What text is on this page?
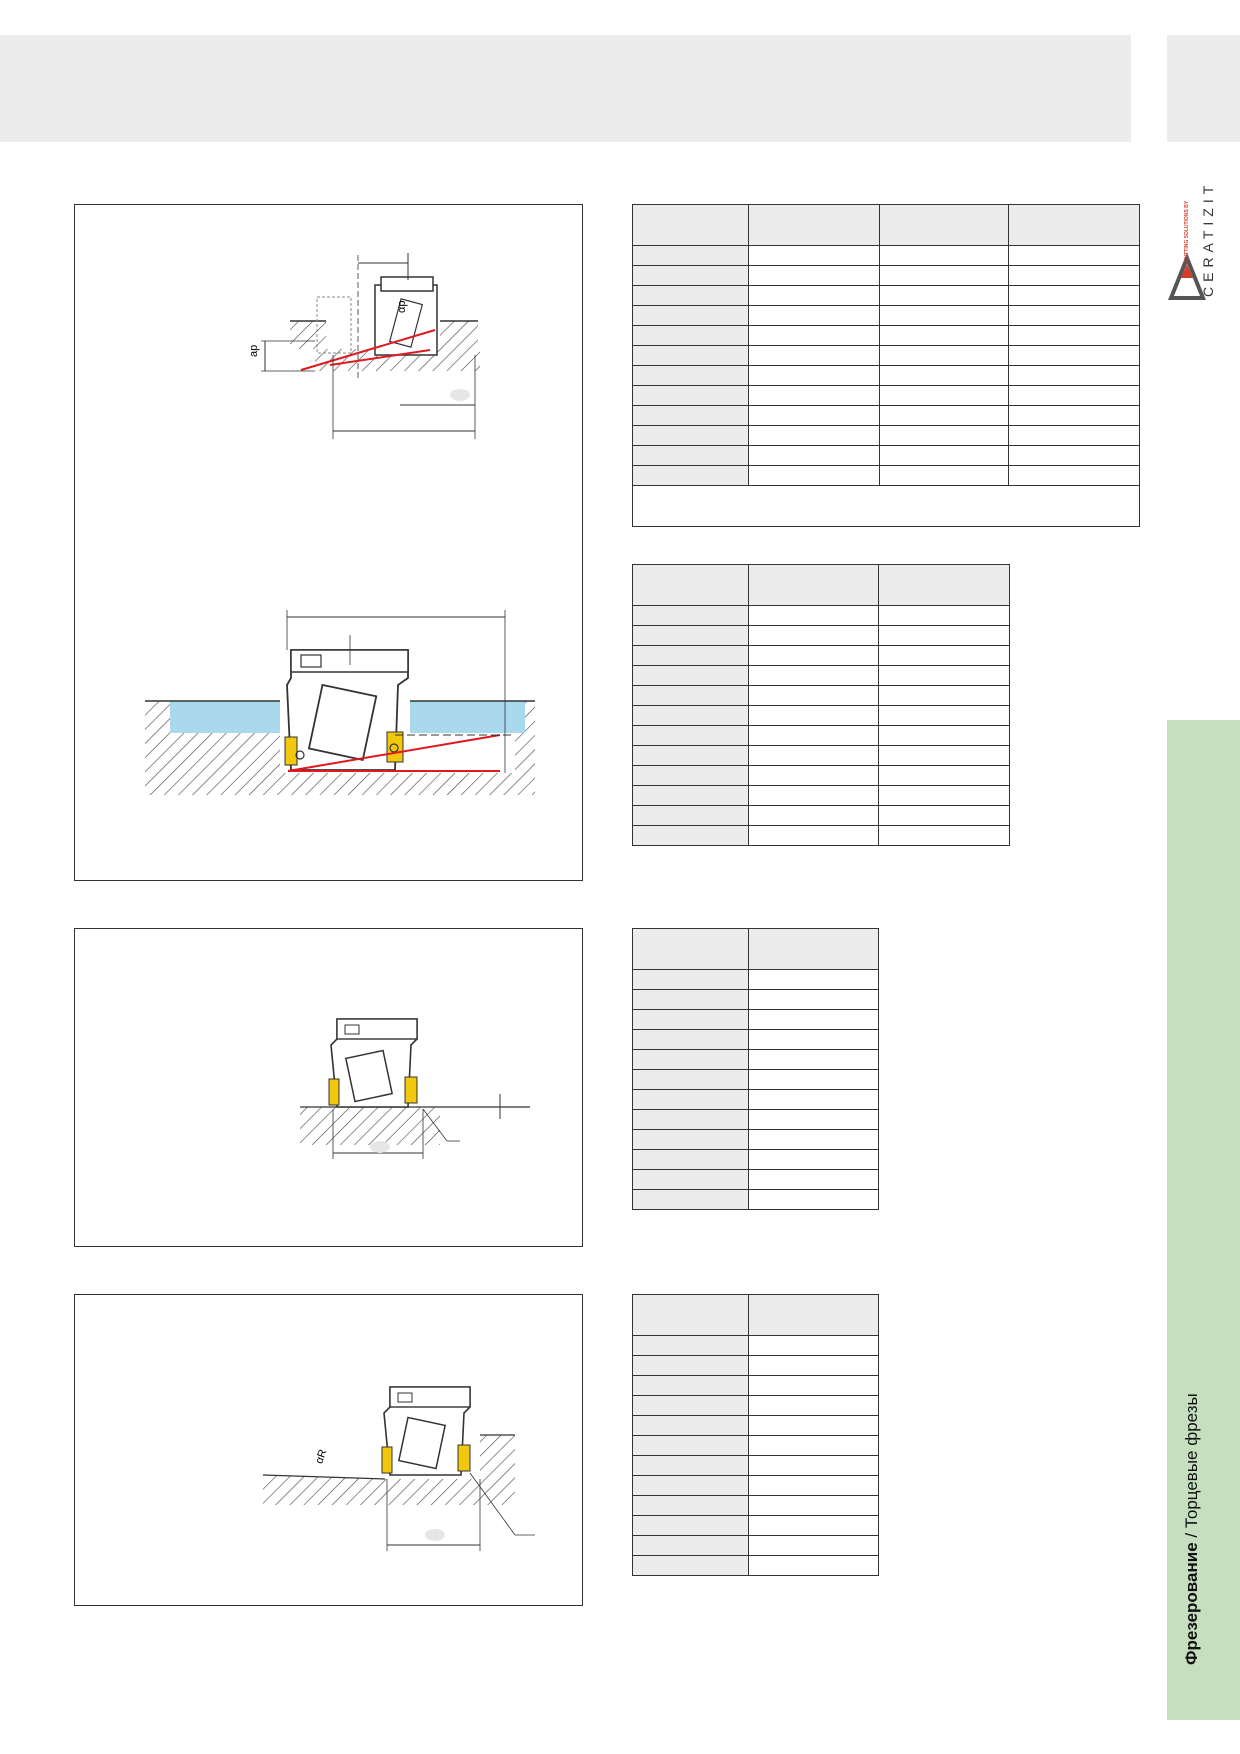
Фрезерование / Торцевые фрезы
CERATIZIT
CUTTING SOLUTIONS BY
ap
αp
αR
